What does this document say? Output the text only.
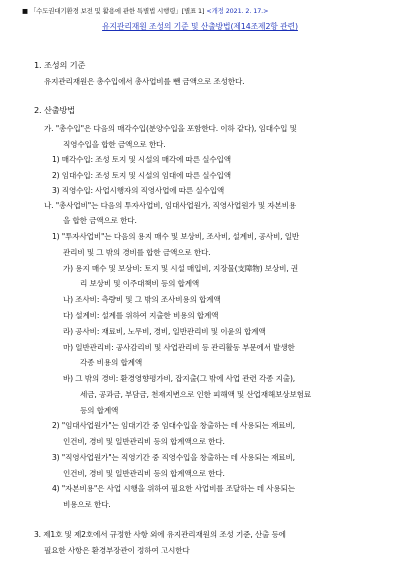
■ 「수도권대기환경 보전 및 활용에 관한 특별법 시행령」[별표 1] <개정 2021. 2. 17.>
유지관리재원 조성의 기준 및 산출방법(제14조제2항 관련)
1. 조성의 기준
유지관리재원은 총수입에서 총사업비를 뺀 금액으로 조성한다.
2. 산출방법
가. "총수입"은 다음의 매각수입(분양수입을 포함한다. 이하 같다), 임대수입 및
직영수입을 합한 금액으로 한다.
1) 매각수입: 조성 토지 및 시설의 매각에 따른 실수입액
2) 임대수입: 조성 토지 및 시설의 임대에 따른 실수입액
3) 직영수입: 사업시행자의 직영사업에 따른 실수입액
나. "총사업비"는 다음의 투자사업비, 임대사업원가, 직영사업원가 및 자본비용
을 합한 금액으로 한다.
1) "투자사업비"는 다음의 용지 매수 및 보상비, 조사비, 설계비, 공사비, 일반
관리비 및 그 밖의 경비를 합한 금액으로 한다.
가) 용지 매수 및 보상비: 토지 및 시설 매입비, 지장물(支障物) 보상비, 권
리 보상비 및 이주대책비 등의 합계액
나) 조사비: 측량비 및 그 밖의 조사비용의 합계액
다) 설계비: 설계를 위하여 지출한 비용의 합계액
라) 공사비: 재료비, 노무비, 경비, 일반관리비 및 이윤의 합계액
마) 일반관리비: 공사감리비 및 사업관리비 등 관리활동 부문에서 발생한
각종 비용의 합계액
바) 그 밖의 경비: 환경영향평가비, 잡지출(그 밖에 사업 관련 각종 지출),
세금, 공과금, 부담금, 천재지변으로 인한 피해액 및 산업재해보상보험료
등의 합계액
2) "임대사업원가"는 임대기간 중 임대수입을 창출하는 데 사용되는 재료비,
인건비, 경비 및 일반관리비 등의 합계액으로 한다.
3) "직영사업원가"는 직영기간 중 직영수입을 창출하는 데 사용되는 재료비,
인건비, 경비 및 일반관리비 등의 합계액으로 한다.
4) "자본비용"은 사업 시행을 위하여 필요한 사업비를 조달하는 데 사용되는
비용으로 한다.
3. 제1호 및 제2호에서 규정한 사항 외에 유지관리재원의 조성 기준, 산출 등에
필요한 사항은 환경부장관이 정하여 고시한다
